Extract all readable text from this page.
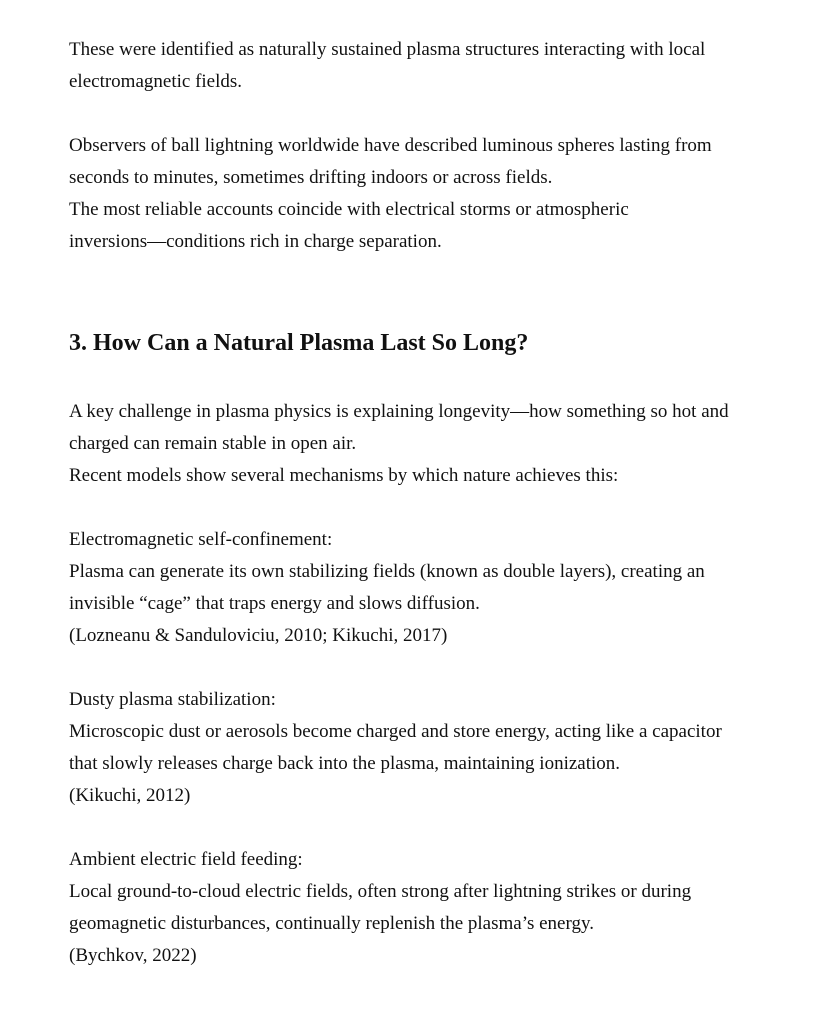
These were identified as naturally sustained plasma structures interacting with local
electromagnetic fields.

Observers of ball lightning worldwide have described luminous spheres lasting from
seconds to minutes, sometimes drifting indoors or across fields.
The most reliable accounts coincide with electrical storms or atmospheric
inversions—conditions rich in charge separation.

3. How Can a Natural Plasma Last So Long?

A key challenge in plasma physics is explaining longevity—how something so hot and
charged can remain stable in open air.
Recent models show several mechanisms by which nature achieves this:

Electromagnetic self-confinement:
Plasma can generate its own stabilizing fields (known as double layers), creating an
invisible “cage” that traps energy and slows diffusion.
(Lozneanu & Sanduloviciu, 2010; Kikuchi, 2017)

Dusty plasma stabilization:
Microscopic dust or aerosols become charged and store energy, acting like a capacitor
that slowly releases charge back into the plasma, maintaining ionization.
(Kikuchi, 2012)

Ambient electric field feeding:
Local ground-to-cloud electric fields, often strong after lightning strikes or during
geomagnetic disturbances, continually replenish the plasma’s energy.
(Bychkov, 2022)
